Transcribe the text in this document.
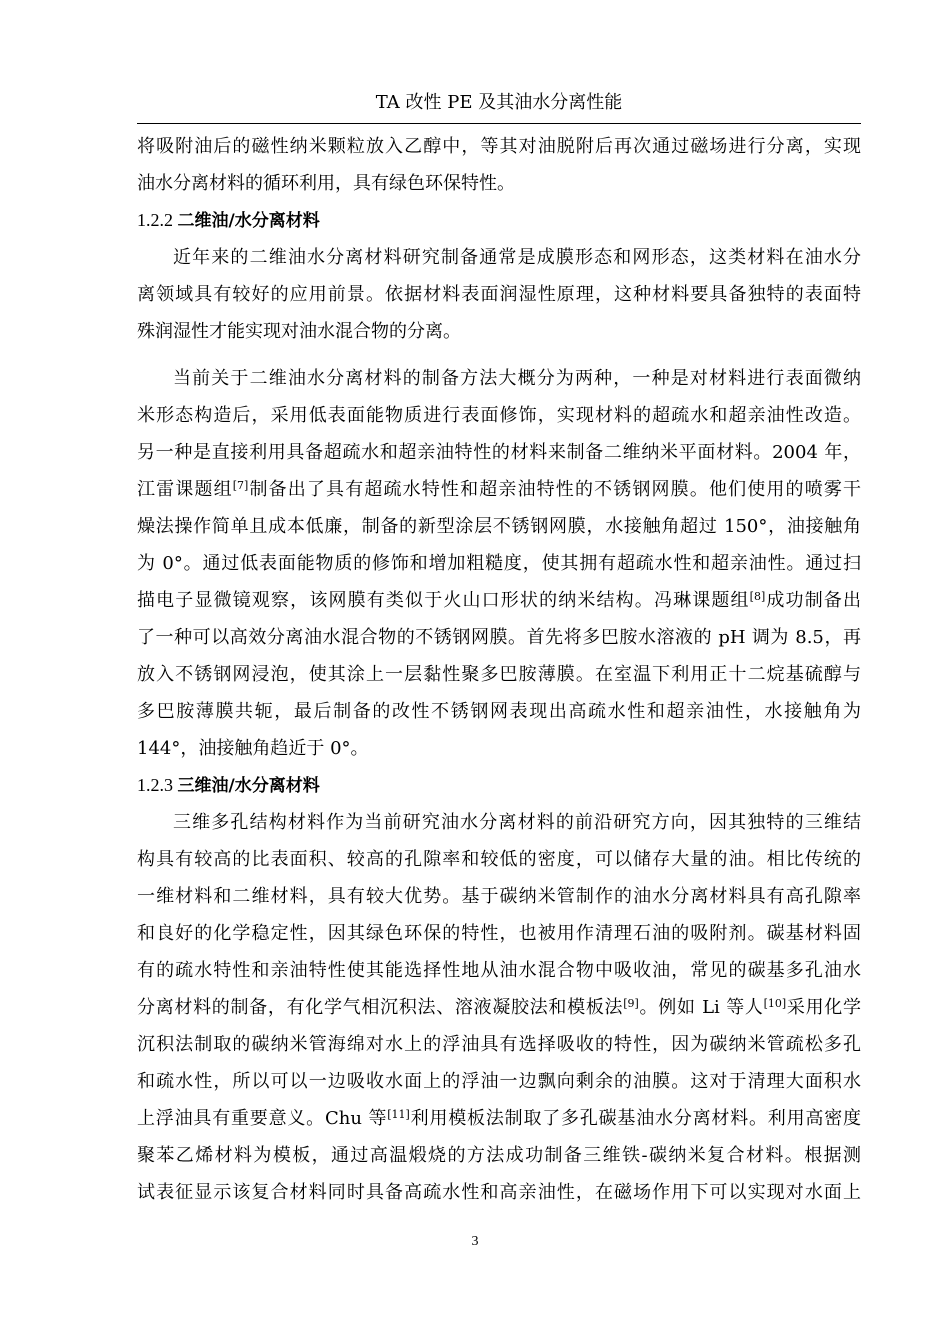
TA 改性 PE 及其油水分离性能
将吸附油后的磁性纳米颗粒放入乙醇中，等其对油脱附后再次通过磁场进行分离，实现
油水分离材料的循环利用，具有绿色环保特性。
1.2.2 二维油/水分离材料
近年来的二维油水分离材料研究制备通常是成膜形态和网形态，这类材料在油水分
离领域具有较好的应用前景。依据材料表面润湿性原理，这种材料要具备独特的表面特
殊润湿性才能实现对油水混合物的分离。
当前关于二维油水分离材料的制备方法大概分为两种，一种是对材料进行表面微纳
米形态构造后，采用低表面能物质进行表面修饰，实现材料的超疏水和超亲油性改造。
另一种是直接利用具备超疏水和超亲油特性的材料来制备二维纳米平面材料。2004 年，
江雷课题组[7]制备出了具有超疏水特性和超亲油特性的不锈钢网膜。他们使用的喷雾干
燥法操作简单且成本低廉，制备的新型涂层不锈钢网膜，水接触角超过 150°，油接触角
为 0°。通过低表面能物质的修饰和增加粗糙度，使其拥有超疏水性和超亲油性。通过扫
描电子显微镜观察，该网膜有类似于火山口形状的纳米结构。冯琳课题组[8]成功制备出
了一种可以高效分离油水混合物的不锈钢网膜。首先将多巴胺水溶液的 pH 调为 8.5，再
放入不锈钢网浸泡，使其涂上一层黏性聚多巴胺薄膜。在室温下利用正十二烷基硫醇与
多巴胺薄膜共轭，最后制备的改性不锈钢网表现出高疏水性和超亲油性，水接触角为
144°，油接触角趋近于 0°。
1.2.3 三维油/水分离材料
三维多孔结构材料作为当前研究油水分离材料的前沿研究方向，因其独特的三维结
构具有较高的比表面积、较高的孔隙率和较低的密度，可以储存大量的油。相比传统的
一维材料和二维材料，具有较大优势。基于碳纳米管制作的油水分离材料具有高孔隙率
和良好的化学稳定性，因其绿色环保的特性，也被用作清理石油的吸附剂。碳基材料固
有的疏水特性和亲油特性使其能选择性地从油水混合物中吸收油，常见的碳基多孔油水
分离材料的制备，有化学气相沉积法、溶液凝胶法和模板法[9]。例如 Li 等人[10]采用化学
沉积法制取的碳纳米管海绵对水上的浮油具有选择吸收的特性，因为碳纳米管疏松多孔
和疏水性，所以可以一边吸收水面上的浮油一边飘向剩余的油膜。这对于清理大面积水
上浮油具有重要意义。Chu 等[11]利用模板法制取了多孔碳基油水分离材料。利用高密度
聚苯乙烯材料为模板，通过高温煅烧的方法成功制备三维铁-碳纳米复合材料。根据测
试表征显示该复合材料同时具备高疏水性和高亲油性，在磁场作用下可以实现对水面上
3
